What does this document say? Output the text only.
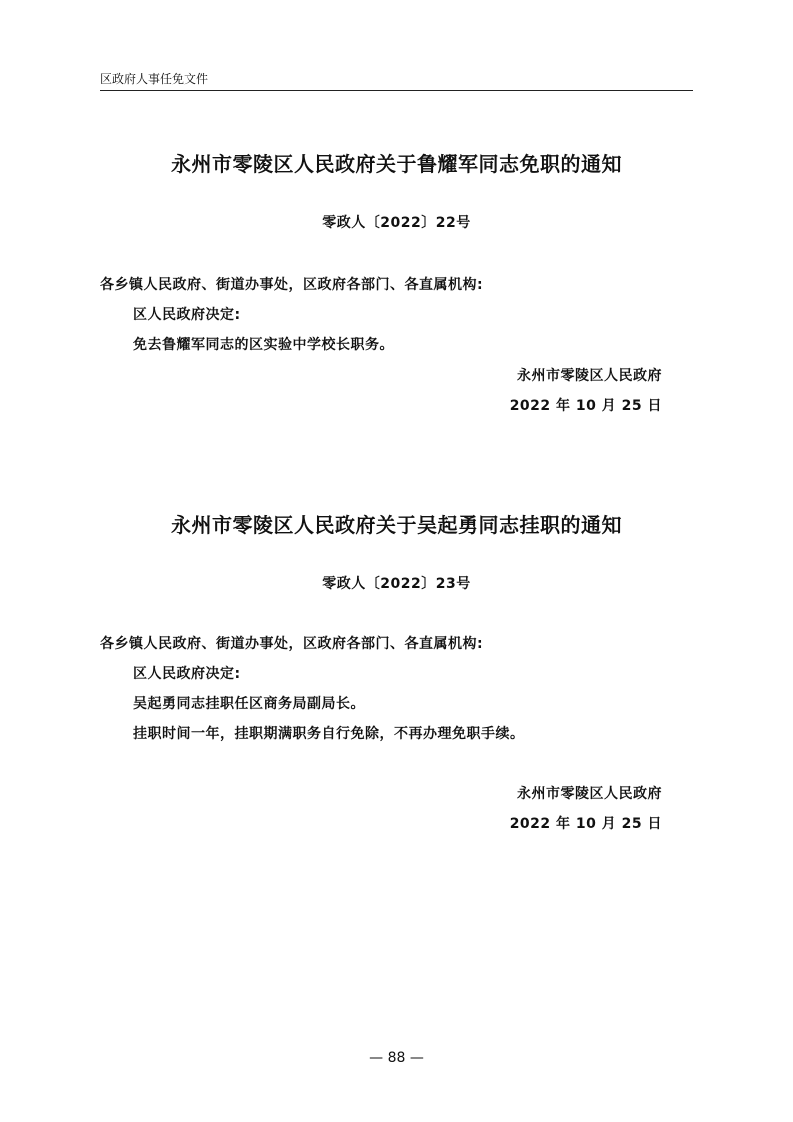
区政府人事任免文件
永州市零陵区人民政府关于鲁耀军同志免职的通知
零政人〔2022〕22号
各乡镇人民政府、街道办事处，区政府各部门、各直属机构:
区人民政府决定:
免去鲁耀军同志的区实验中学校长职务。
永州市零陵区人民政府
2022 年 10 月 25 日
永州市零陵区人民政府关于吴起勇同志挂职的通知
零政人〔2022〕23号
各乡镇人民政府、街道办事处，区政府各部门、各直属机构:
区人民政府决定:
吴起勇同志挂职任区商务局副局长。
挂职时间一年，挂职期满职务自行免除，不再办理免职手续。
永州市零陵区人民政府
2022 年 10 月 25 日
— 88 —
